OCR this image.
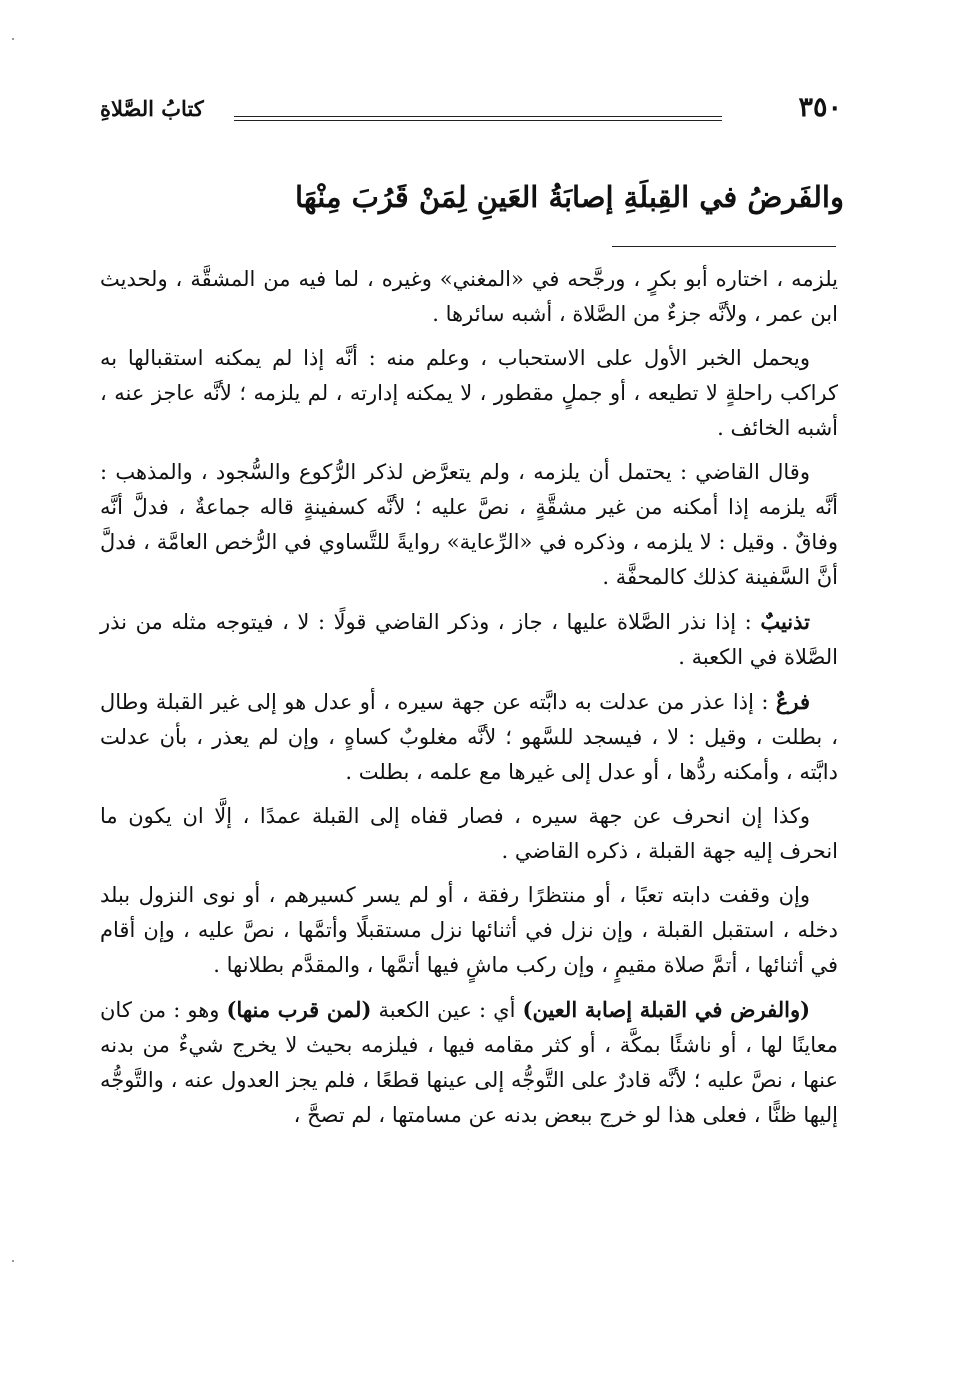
٣٥٠
كتابُ الصَّلاةِ
والفَرضُ في القِبلَةِ إصابَةُ العَينِ لِمَنْ قَرُبَ مِنْهَا

يلزمه ، اختاره أبو بكرٍ ، ورجَّحه في «المغني» وغيره ، لما فيه من المشقَّة ، ولحديث ابن عمر ، ولأنَّه جزءٌ من الصَّلاة ، أشبه سائرها .

ويحمل الخبر الأول على الاستحباب ، وعلم منه : أنَّه إذا لم يمكنه استقبالها به كراكب راحلةٍ لا تطيعه ، أو جملٍ مقطور ، لا يمكنه إدارته ، لم يلزمه ؛ لأنَّه عاجز عنه ، أشبه الخائف .

وقال القاضي : يحتمل أن يلزمه ، ولم يتعرَّض لذكر الرُّكوع والسُّجود ، والمذهب : أنَّه يلزمه إذا أمكنه من غير مشقَّةٍ ، نصَّ عليه ؛ لأنَّه كسفينةٍ قاله جماعةٌ ، فدلَّ أنَّه وفاقٌ . وقيل : لا يلزمه ، وذكره في «الرِّعاية» روايةً للتَّساوي في الرُّخص العامَّة ، فدلَّ أنَّ السَّفينة كذلك كالمحفَّة .

تذنيبٌ : إذا نذر الصَّلاة عليها ، جاز ، وذكر القاضي قولًا : لا ، فيتوجه مثله من نذر الصَّلاة في الكعبة .

فرعٌ : إذا عذر من عدلت به دابَّته عن جهة سيره ، أو عدل هو إلى غير القبلة وطال ، بطلت ، وقيل : لا ، فيسجد للسَّهو ؛ لأنَّه مغلوبٌ كساهٍ ، وإن لم يعذر ، بأن عدلت دابَّته ، وأمكنه ردُّها ، أو عدل إلى غيرها مع علمه ، بطلت .

وكذا إن انحرف عن جهة سيره ، فصار قفاه إلى القبلة عمدًا ، إلَّا ان يكون ما انحرف إليه جهة القبلة ، ذكره القاضي .

وإن وقفت دابته تعبًا ، أو منتظرًا رفقة ، أو لم يسر كسيرهم ، أو نوى النزول ببلد دخله ، استقبل القبلة ، وإن نزل في أثنائها نزل مستقبلًا وأتمَّها ، نصَّ عليه ، وإن أقام في أثنائها ، أتمَّ صلاة مقيمٍ ، وإن ركب ماشٍ فيها أتمَّها ، والمقدَّم بطلانها .

(والفرض في القبلة إصابة العين) أي : عين الكعبة (لمن قرب منها) وهو : من كان معاينًا لها ، أو ناشئًا بمكَّة ، أو كثر مقامه فيها ، فيلزمه بحيث لا يخرج شيءٌ من بدنه عنها ، نصَّ عليه ؛ لأنَّه قادرٌ على التَّوجُّه إلى عينها قطعًا ، فلم يجز العدول عنه ، والتَّوجُّه إليها ظنًّا ، فعلى هذا لو خرج ببعض بدنه عن مسامتها ، لم تصحَّ ،
